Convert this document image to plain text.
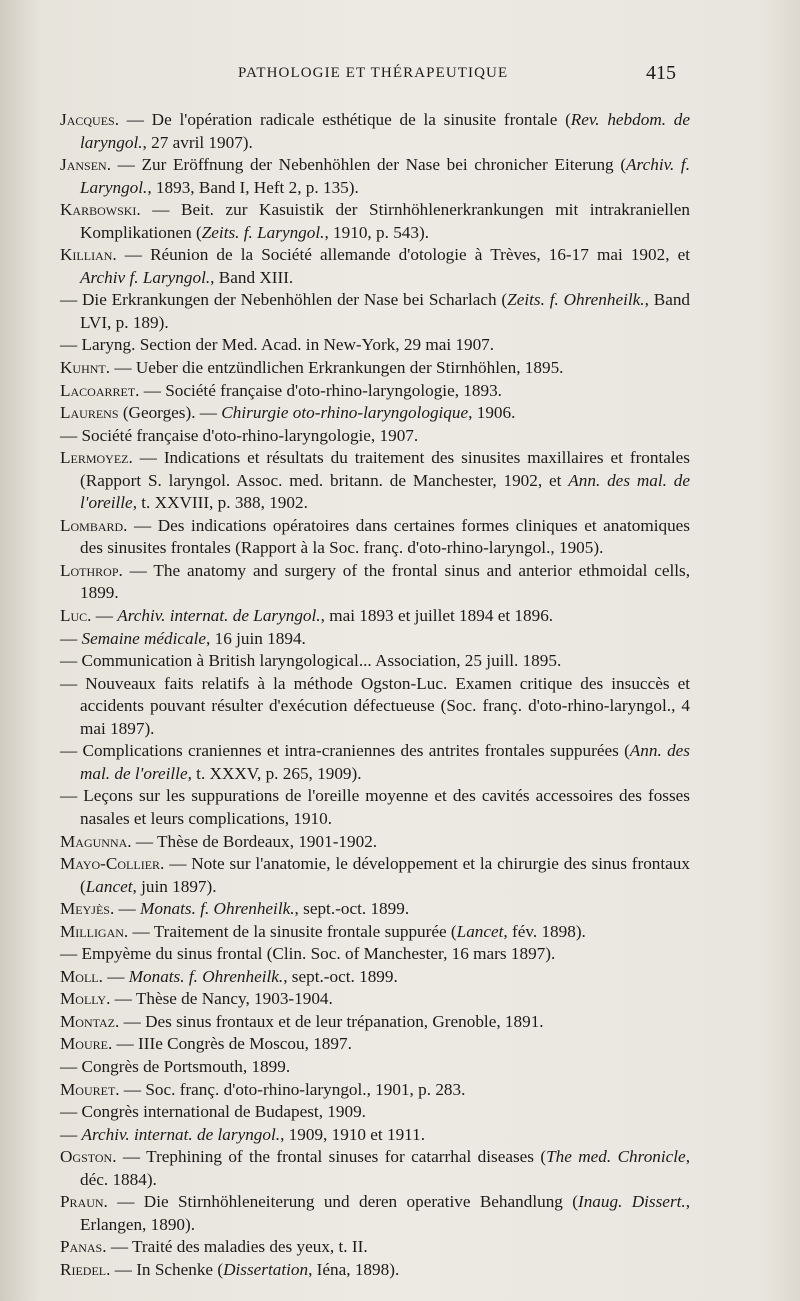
PATHOLOGIE ET THÉRAPEUTIQUE	415

Jacques. — De l'opération radicale esthétique de la sinusite frontale (Rev. hebdom. de laryngol., 27 avril 1907).

Jansen. — Zur Eröffnung der Nebenhöhlen der Nase bei chronicher Eiterung (Archiv. f. Laryngol., 1893, Band I, Heft 2, p. 135).

Karbowski. — Beit. zur Kasuistik der Stirnhöhlenerkrankungen mit intrakraniellen Komplikationen (Zeits. f. Laryngol., 1910, p. 543).

Killian. — Réunion de la Société allemande d'otologie à Trèves, 16-17 mai 1902, et Archiv f. Laryngol., Band XIII.

— Die Erkrankungen der Nebenhöhlen der Nase bei Scharlach (Zeits. f. Ohrenheilk., Band LVI, p. 189).

— Laryng. Section der Med. Acad. in New-York, 29 mai 1907.

Kuhnt. — Ueber die entzündlichen Erkrankungen der Stirnhöhlen, 1895.

Lacoarret. — Société française d'oto-rhino-laryngologie, 1893.

Laurens (Georges). — Chirurgie oto-rhino-laryngologique, 1906.

— Société française d'oto-rhino-laryngologie, 1907.

Lermoyez. — Indications et résultats du traitement des sinusites maxillaires et frontales (Rapport S. laryngol. Assoc. med. britann. de Manchester, 1902, et Ann. des mal. de l'oreille, t. XXVIII, p. 388, 1902.

Lombard. — Des indications opératoires dans certaines formes cliniques et anatomiques des sinusites frontales (Rapport à la Soc. franç. d'oto-rhino-laryngol., 1905).

Lothrop. — The anatomy and surgery of the frontal sinus and anterior ethmoidal cells, 1899.

Luc. — Archiv. internat. de Laryngol., mai 1893 et juillet 1894 et 1896.

— Semaine médicale, 16 juin 1894.

— Communication à British laryngological... Association, 25 juill. 1895.

— Nouveaux faits relatifs à la méthode Ogston-Luc. Examen critique des insuccès et accidents pouvant résulter d'exécution défectueuse (Soc. franç. d'oto-rhino-laryngol., 4 mai 1897).

— Complications craniennes et intra-craniennes des antrites frontales suppurées (Ann. des mal. de l'oreille, t. XXXV, p. 265, 1909).

— Leçons sur les suppurations de l'oreille moyenne et des cavités accessoires des fosses nasales et leurs complications, 1910.

Magunna. — Thèse de Bordeaux, 1901-1902.

Mayo-Collier. — Note sur l'anatomie, le développement et la chirurgie des sinus frontaux (Lancet, juin 1897).

Meyjès. — Monats. f. Ohrenheilk., sept.-oct. 1899.

Milligan. — Traitement de la sinusite frontale suppurée (Lancet, fév. 1898).

— Empyème du sinus frontal (Clin. Soc. of Manchester, 16 mars 1897).

Moll. — Monats. f. Ohrenheilk., sept.-oct. 1899.

Molly. — Thèse de Nancy, 1903-1904.

Montaz. — Des sinus frontaux et de leur trépanation, Grenoble, 1891.

Moure. — IIIe Congrès de Moscou, 1897.

— Congrès de Portsmouth, 1899.

Mouret. — Soc. franç. d'oto-rhino-laryngol., 1901, p. 283.

— Congrès international de Budapest, 1909.

— Archiv. internat. de laryngol., 1909, 1910 et 1911.

Ogston. — Trephining of the frontal sinuses for catarrhal diseases (The med. Chronicle, déc. 1884).

Praun. — Die Stirnhöhleneiterung und deren operative Behandlung (Inaug. Dissert., Erlangen, 1890).

Panas. — Traité des maladies des yeux, t. II.

Riedel. — In Schenke (Dissertation, Iéna, 1898).
